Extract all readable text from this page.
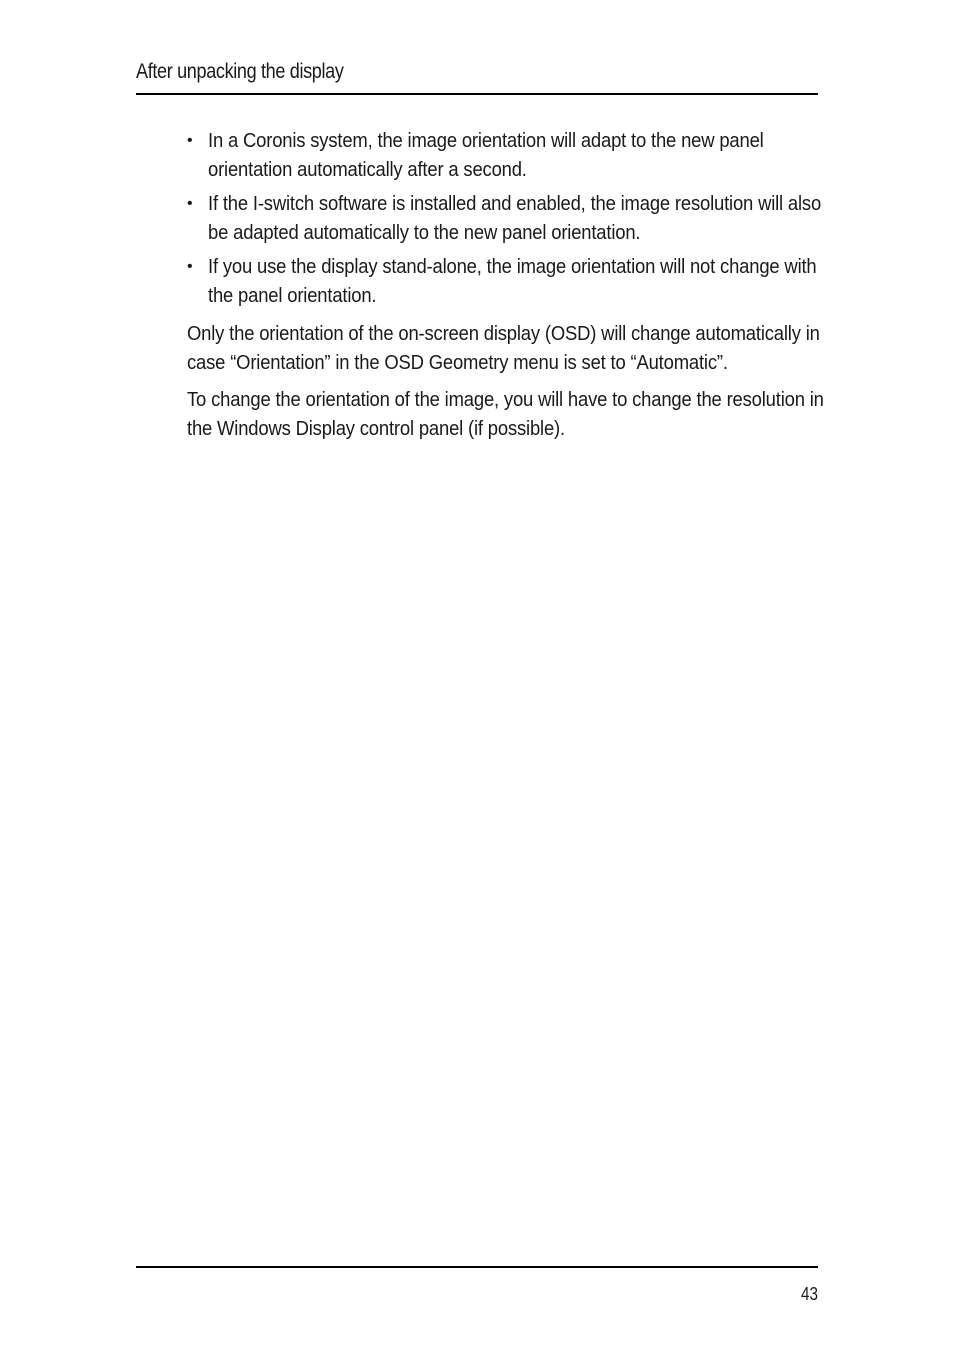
After unpacking the display
• In a Coronis system, the image orientation will adapt to the new panel orientation automatically after a second.
• If the I-switch software is installed and enabled, the image resolution will also be adapted automatically to the new panel orientation.
• If you use the display stand-alone, the image orientation will not change with the panel orientation.

Only the orientation of the on-screen display (OSD) will change automatically in case “Orientation” in the OSD Geometry menu is set to “Automatic”.

To change the orientation of the image, you will have to change the resolution in the Windows Display control panel (if possible).

43
